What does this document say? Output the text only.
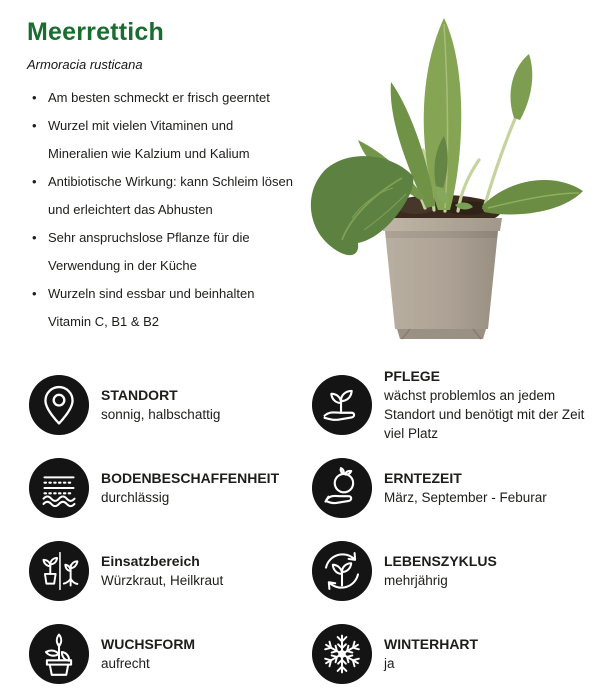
Meerrettich
Armoracia rusticana
• Am besten schmeckt er frisch geerntet
• Wurzel mit vielen Vitaminen und
Mineralien wie Kalzium und Kalium
• Antibiotische Wirkung: kann Schleim lösen
und erleichtert das Abhusten
• Sehr anspruchslose Pflanze für die
Verwendung in der Küche
• Wurzeln sind essbar und beinhalten
Vitamin C, B1 & B2
STANDORT
sonnig, halbschattig
PFLEGE
wächst problemlos an jedem
Standort und benötigt mit der Zeit
viel Platz
BODENBESCHAFFENHEIT
durchlässig
ERNTEZEIT
März, September - Feburar
Einsatzbereich
Würzkraut, Heilkraut
LEBENSZYKLUS
mehrjährig
WUCHSFORM
aufrecht
WINTERHART
ja
